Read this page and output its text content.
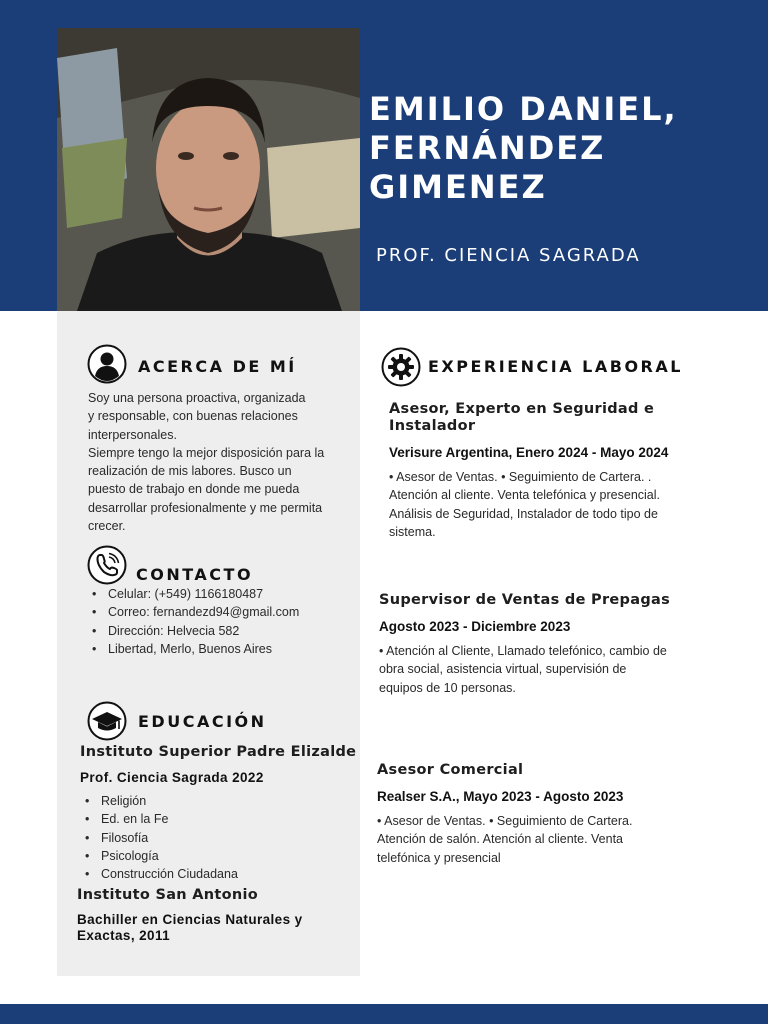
EMILIO DANIEL,
FERNÁNDEZ
GIMENEZ
PROF. CIENCIA SAGRADA
ACERCA DE MÍ

Soy una persona proactiva, organizada

y responsable, con buenas relaciones

interpersonales.

Siempre tengo la mejor disposición para la

realización de mis labores. Busco un

puesto de trabajo en donde me pueda

desarrollar profesionalmente y me permita

crecer.

CONTACTO
• Celular: (+549) 1166180487
• Correo: fernandezd94@gmail.com
• Dirección: Helvecia 582
• Libertad, Merlo, Buenos Aires
EDUCACIÓN
Instituto Superior Padre Elizalde
Prof. Ciencia Sagrada 2022
• Religión
• Ed. en la Fe
• Filosofía
• Psicología
• Construcción Ciudadana
Instituto San Antonio
Bachiller en Ciencias Naturales y
Exactas, 2011
EXPERIENCIA LABORAL
Asesor, Experto en Seguridad e
Instalador
Verisure Argentina, Enero 2024 - Mayo 2024
• Asesor de Ventas. • Seguimiento de Cartera. .
Atención al cliente. Venta telefónica y presencial.
Análisis de Seguridad, Instalador de todo tipo de
sistema.
Supervisor de Ventas de Prepagas
Agosto 2023 - Diciembre 2023
• Atención al Cliente, Llamado telefónico, cambio de
obra social, asistencia virtual, supervisión de
equipos de 10 personas.
Asesor Comercial
Realser S.A., Mayo 2023 - Agosto 2023
• Asesor de Ventas. • Seguimiento de Cartera.
Atención de salón. Atención al cliente. Venta
telefónica y presencial
